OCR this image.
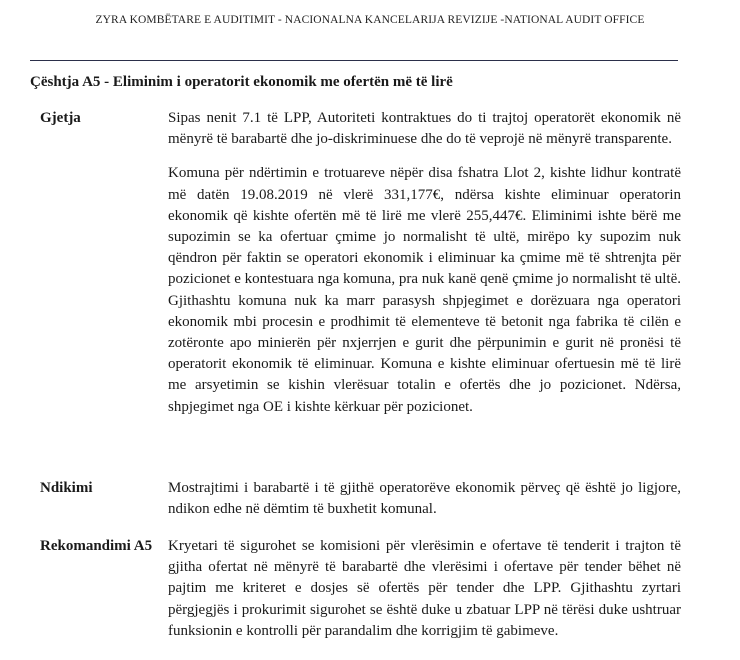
ZYRA KOMBËTARE E AUDITIMIT - NACIONALNA KANCELARIJA REVIZIJE -NATIONAL AUDIT OFFICE
Çështja A5 - Eliminim i operatorit ekonomik me ofertën më të lirë
Gjetja	Sipas nenit 7.1 të LPP, Autoriteti kontraktues do ti trajtoj operatorët ekonomik në mënyrë të barabartë dhe jo-diskriminuese dhe do të veprojë në mënyrë transparente.
Komuna për ndërtimin e trotuareve nëpër disa fshatra Llot 2, kishte lidhur kontratë më datën 19.08.2019 në vlerë 331,177€, ndërsa kishte eliminuar operatorin ekonomik që kishte ofertën më të lirë me vlerë 255,447€. Eliminimi ishte bërë me supozimin se ka ofertuar çmime jo normalisht të ultë, mirëpo ky supozim nuk qëndron për faktin se operatori ekonomik i eliminuar ka çmime më të shtrenjta për pozicionet e kontestuara nga komuna, pra nuk kanë qenë çmime jo normalisht të ultë. Gjithashtu komuna nuk ka marr parasysh shpjegimet e dorëzuara nga operatori ekonomik mbi procesin e prodhimit të elementeve të betonit nga fabrika të cilën e zotëronte apo minierën për nxjerrjen e gurit dhe përpunimin e gurit në pronësi të operatorit ekonomik të eliminuar. Komuna e kishte eliminuar ofertuesin më të lirë me arsyetimin se kishin vlerësuar totalin e ofertës dhe jo pozicionet. Ndërsa, shpjegimet nga OE i kishte kërkuar për pozicionet.
Ndikimi	Mostrajtimi i barabartë i të gjithë operatorëve ekonomik përveç që është jo ligjore, ndikon edhe në dëmtim të buxhetit komunal.
Rekomandimi A5 Kryetari të sigurohet se komisioni për vlerësimin e ofertave të tenderit i trajton të gjitha ofertat në mënyrë të barabartë dhe vlerësimi i ofertave për tender bëhet në pajtim me kriteret e dosjes së ofertës për tender dhe LPP. Gjithashtu zyrtari përgjegjës i prokurimit sigurohet se është duke u zbatuar LPP në tërësi duke ushtruar funksionin e kontrolli për parandalim dhe korrigjim të gabimeve.
